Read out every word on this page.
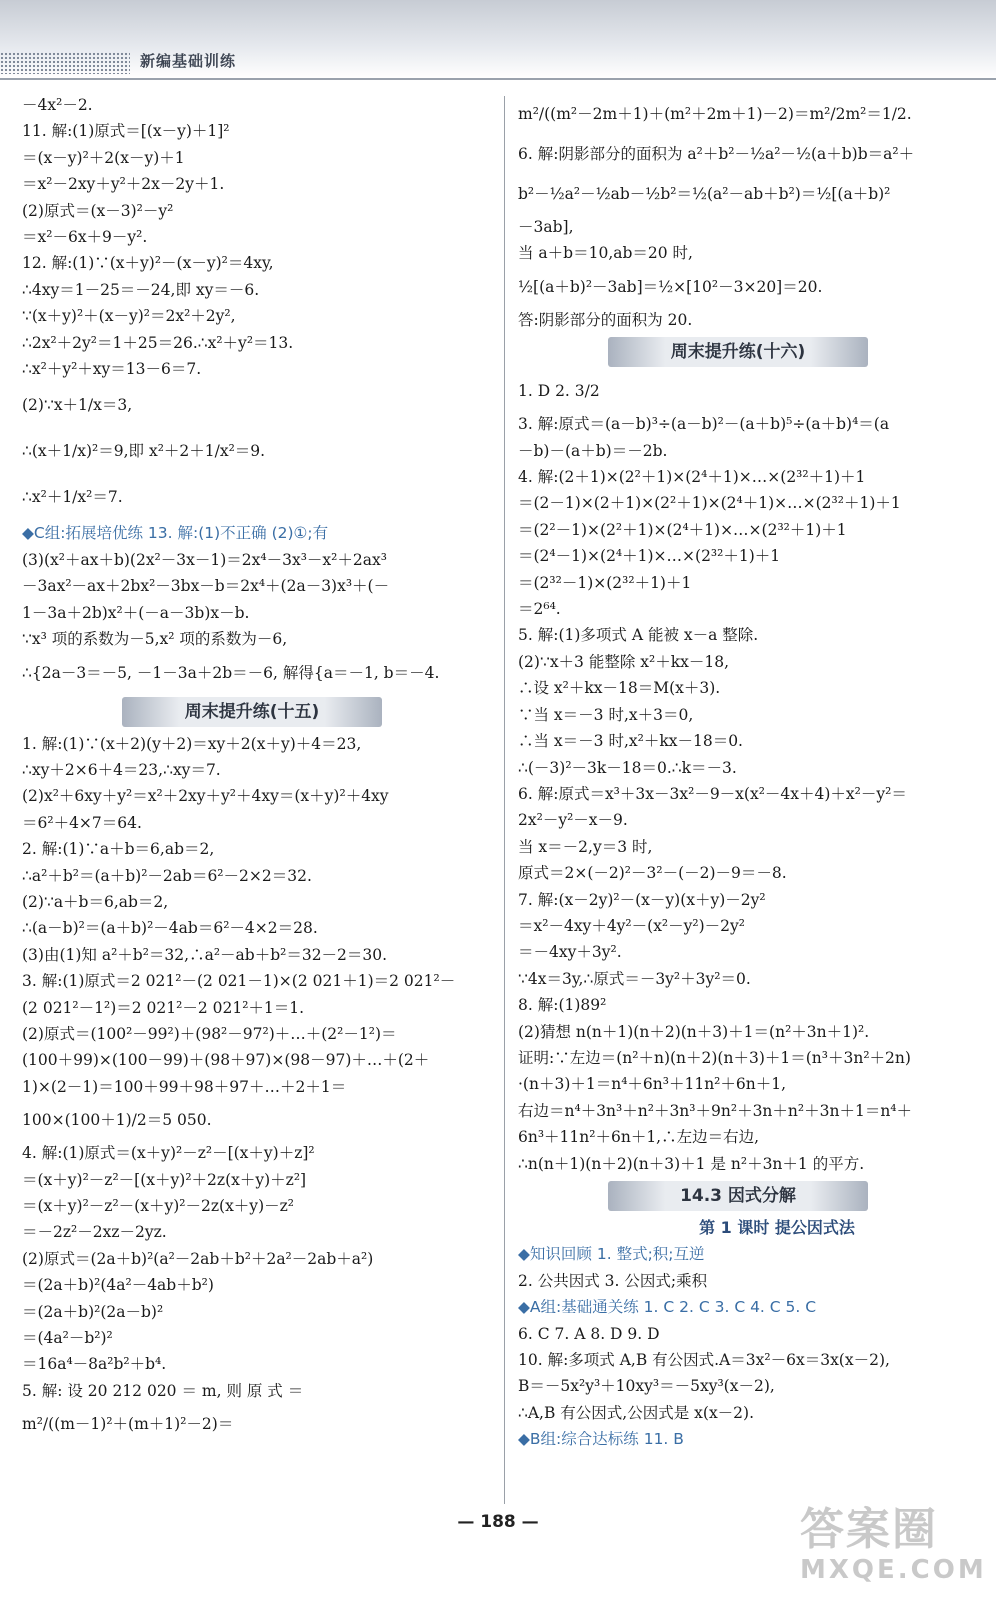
新编基础训练
－4x²－2.
11. 解:(1)原式＝[(x－y)＋1]²
＝(x－y)²＋2(x－y)＋1
＝x²－2xy＋y²＋2x－2y＋1.
(2)原式＝(x－3)²－y²
＝x²－6x＋9－y².
12. 解:(1)∵(x＋y)²－(x－y)²＝4xy,
∴4xy＝1－25＝－24,即 xy＝－6.
∵(x＋y)²＋(x－y)²＝2x²＋2y²,
∴2x²＋2y²＝1＋25＝26.∴x²＋y²＝13.
∴x²＋y²＋xy＝13－6＝7.
(2)∵x＋1/x＝3,
∴(x＋1/x)²＝9,即 x²＋2＋1/x²＝9.
∴x²＋1/x²＝7.
◆C组:拓展培优练 13. 解:(1)不正确 (2)①;有
(3)(x²＋ax＋b)(2x²－3x－1)＝2x⁴－3x³－x²＋2ax³
－3ax²－ax＋2bx²－3bx－b＝2x⁴＋(2a－3)x³＋(－
1－3a＋2b)x²＋(－a－3b)x－b.
∵x³ 项的系数为－5,x² 项的系数为－6,
∴{2a－3＝－5, －1－3a＋2b＝－6, 解得{a＝－1, b＝－4.
周末提升练(十五)
1. 解:(1)∵(x＋2)(y＋2)＝xy＋2(x＋y)＋4＝23,
∴xy＋2×6＋4＝23,∴xy＝7.
(2)x²＋6xy＋y²＝x²＋2xy＋y²＋4xy＝(x＋y)²＋4xy
＝6²＋4×7＝64.
2. 解:(1)∵a＋b＝6,ab＝2,
∴a²＋b²＝(a＋b)²－2ab＝6²－2×2＝32.
(2)∵a＋b＝6,ab＝2,
∴(a－b)²＝(a＋b)²－4ab＝6²－4×2＝28.
(3)由(1)知 a²＋b²＝32,∴a²－ab＋b²＝32－2＝30.
3. 解:(1)原式＝2 021²－(2 021－1)×(2 021＋1)＝2 021²－
(2 021²－1²)＝2 021²－2 021²＋1＝1.
(2)原式＝(100²－99²)＋(98²－97²)＋…＋(2²－1²)＝
(100＋99)×(100－99)＋(98＋97)×(98－97)＋…＋(2＋
1)×(2－1)＝100＋99＋98＋97＋…＋2＋1＝
100×(100＋1)/2＝5 050.
4. 解:(1)原式＝(x＋y)²－z²－[(x＋y)＋z]²
＝(x＋y)²－z²－[(x＋y)²＋2z(x＋y)＋z²]
＝(x＋y)²－z²－(x＋y)²－2z(x＋y)－z²
＝－2z²－2xz－2yz.
(2)原式＝(2a＋b)²(a²－2ab＋b²＋2a²－2ab＋a²)
＝(2a＋b)²(4a²－4ab＋b²)
＝(2a＋b)²(2a－b)²
＝(4a²－b²)²
＝16a⁴－8a²b²＋b⁴.
5. 解: 设 20 212 020 ＝ m, 则 原 式 ＝
m²/((m－1)²＋(m＋1)²－2)＝
m²/((m²－2m＋1)＋(m²＋2m＋1)－2)＝m²/2m²＝1/2.
6. 解:阴影部分的面积为 a²＋b²－½a²－½(a＋b)b＝a²＋
b²－½a²－½ab－½b²＝½(a²－ab＋b²)＝½[(a＋b)²
－3ab],
当 a＋b＝10,ab＝20 时,
½[(a＋b)²－3ab]＝½×[10²－3×20]＝20.
答:阴影部分的面积为 20.
周末提升练(十六)
1. D 2. 3/2
3. 解:原式＝(a－b)³÷(a－b)²－(a＋b)⁵÷(a＋b)⁴＝(a
－b)－(a＋b)＝－2b.
4. 解:(2＋1)×(2²＋1)×(2⁴＋1)×…×(2³²＋1)＋1
＝(2－1)×(2＋1)×(2²＋1)×(2⁴＋1)×…×(2³²＋1)＋1
＝(2²－1)×(2²＋1)×(2⁴＋1)×…×(2³²＋1)＋1
＝(2⁴－1)×(2⁴＋1)×…×(2³²＋1)＋1
＝(2³²－1)×(2³²＋1)＋1
＝2⁶⁴.
5. 解:(1)多项式 A 能被 x－a 整除.
(2)∵x＋3 能整除 x²＋kx－18,
∴设 x²＋kx－18＝M(x＋3).
∵当 x＝－3 时,x＋3＝0,
∴当 x＝－3 时,x²＋kx－18＝0.
∴(－3)²－3k－18＝0.∴k＝－3.
6. 解:原式＝x³＋3x－3x²－9－x(x²－4x＋4)＋x²－y²＝
2x²－y²－x－9.
当 x＝－2,y＝3 时,
原式＝2×(－2)²－3²－(－2)－9＝－8.
7. 解:(x－2y)²－(x－y)(x＋y)－2y²
＝x²－4xy＋4y²－(x²－y²)－2y²
＝－4xy＋3y².
∵4x＝3y,∴原式＝－3y²＋3y²＝0.
8. 解:(1)89²
(2)猜想 n(n＋1)(n＋2)(n＋3)＋1＝(n²＋3n＋1)².
证明:∵左边＝(n²＋n)(n＋2)(n＋3)＋1＝(n³＋3n²＋2n)
·(n＋3)＋1＝n⁴＋6n³＋11n²＋6n＋1,
右边＝n⁴＋3n³＋n²＋3n³＋9n²＋3n＋n²＋3n＋1＝n⁴＋
6n³＋11n²＋6n＋1,∴左边＝右边,
∴n(n＋1)(n＋2)(n＋3)＋1 是 n²＋3n＋1 的平方.
14.3 因式分解
第 1 课时 提公因式法
◆知识回顾 1. 整式;积;互逆
2. 公共因式 3. 公因式;乘积
◆A组:基础通关练 1. C 2. C 3. C 4. C 5. C
6. C 7. A 8. D 9. D
10. 解:多项式 A,B 有公因式.A＝3x²－6x＝3x(x－2),
B＝－5x²y³＋10xy³＝－5xy³(x－2),
∴A,B 有公因式,公因式是 x(x－2).
◆B组:综合达标练 11. B
— 188 —	答案圈
MXQE.COM
